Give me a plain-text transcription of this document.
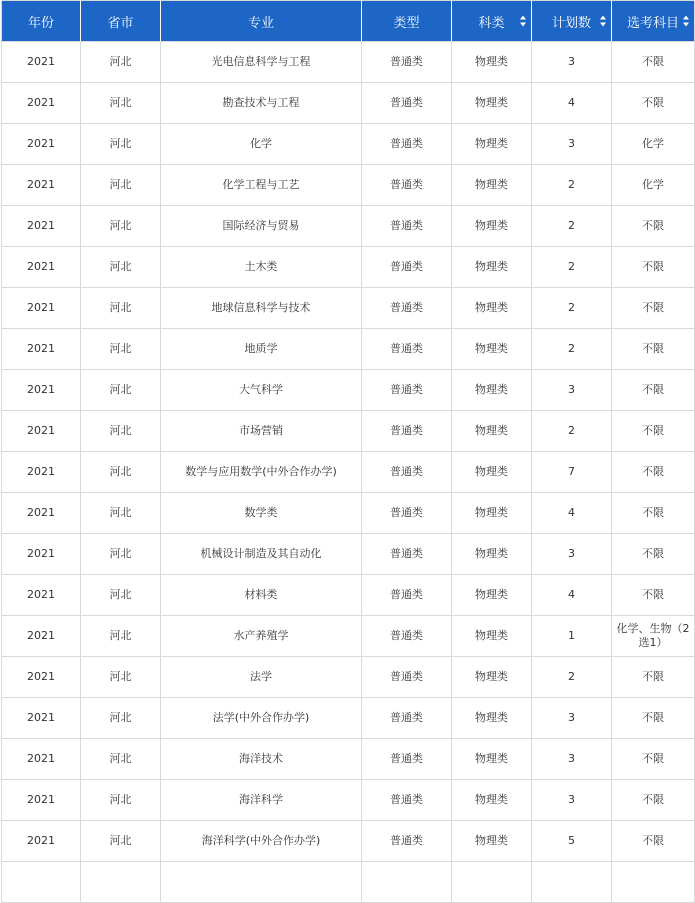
年份	省市	专业	类型	科类	计划数	选考科目

2021	河北	光电信息科学与工程	普通类	物理类	3	不限
2021	河北	勘查技术与工程	普通类	物理类	4	不限
2021	河北	化学	普通类	物理类	3	化学
2021	河北	化学工程与工艺	普通类	物理类	2	化学
2021	河北	国际经济与贸易	普通类	物理类	2	不限
2021	河北	土木类	普通类	物理类	2	不限
2021	河北	地球信息科学与技术	普通类	物理类	2	不限
2021	河北	地质学	普通类	物理类	2	不限
2021	河北	大气科学	普通类	物理类	3	不限
2021	河北	市场营销	普通类	物理类	2	不限
2021	河北	数学与应用数学(中外合作办学)	普通类	物理类	7	不限
2021	河北	数学类	普通类	物理类	4	不限
2021	河北	机械设计制造及其自动化	普通类	物理类	3	不限
2021	河北	材料类	普通类	物理类	4	不限
2021	河北	水产养殖学	普通类	物理类	1	化学、生物（2选1）
2021	河北	法学	普通类	物理类	2	不限
2021	河北	法学(中外合作办学)	普通类	物理类	3	不限
2021	河北	海洋技术	普通类	物理类	3	不限
2021	河北	海洋科学	普通类	物理类	3	不限
2021	河北	海洋科学(中外合作办学)	普通类	物理类	5	不限
